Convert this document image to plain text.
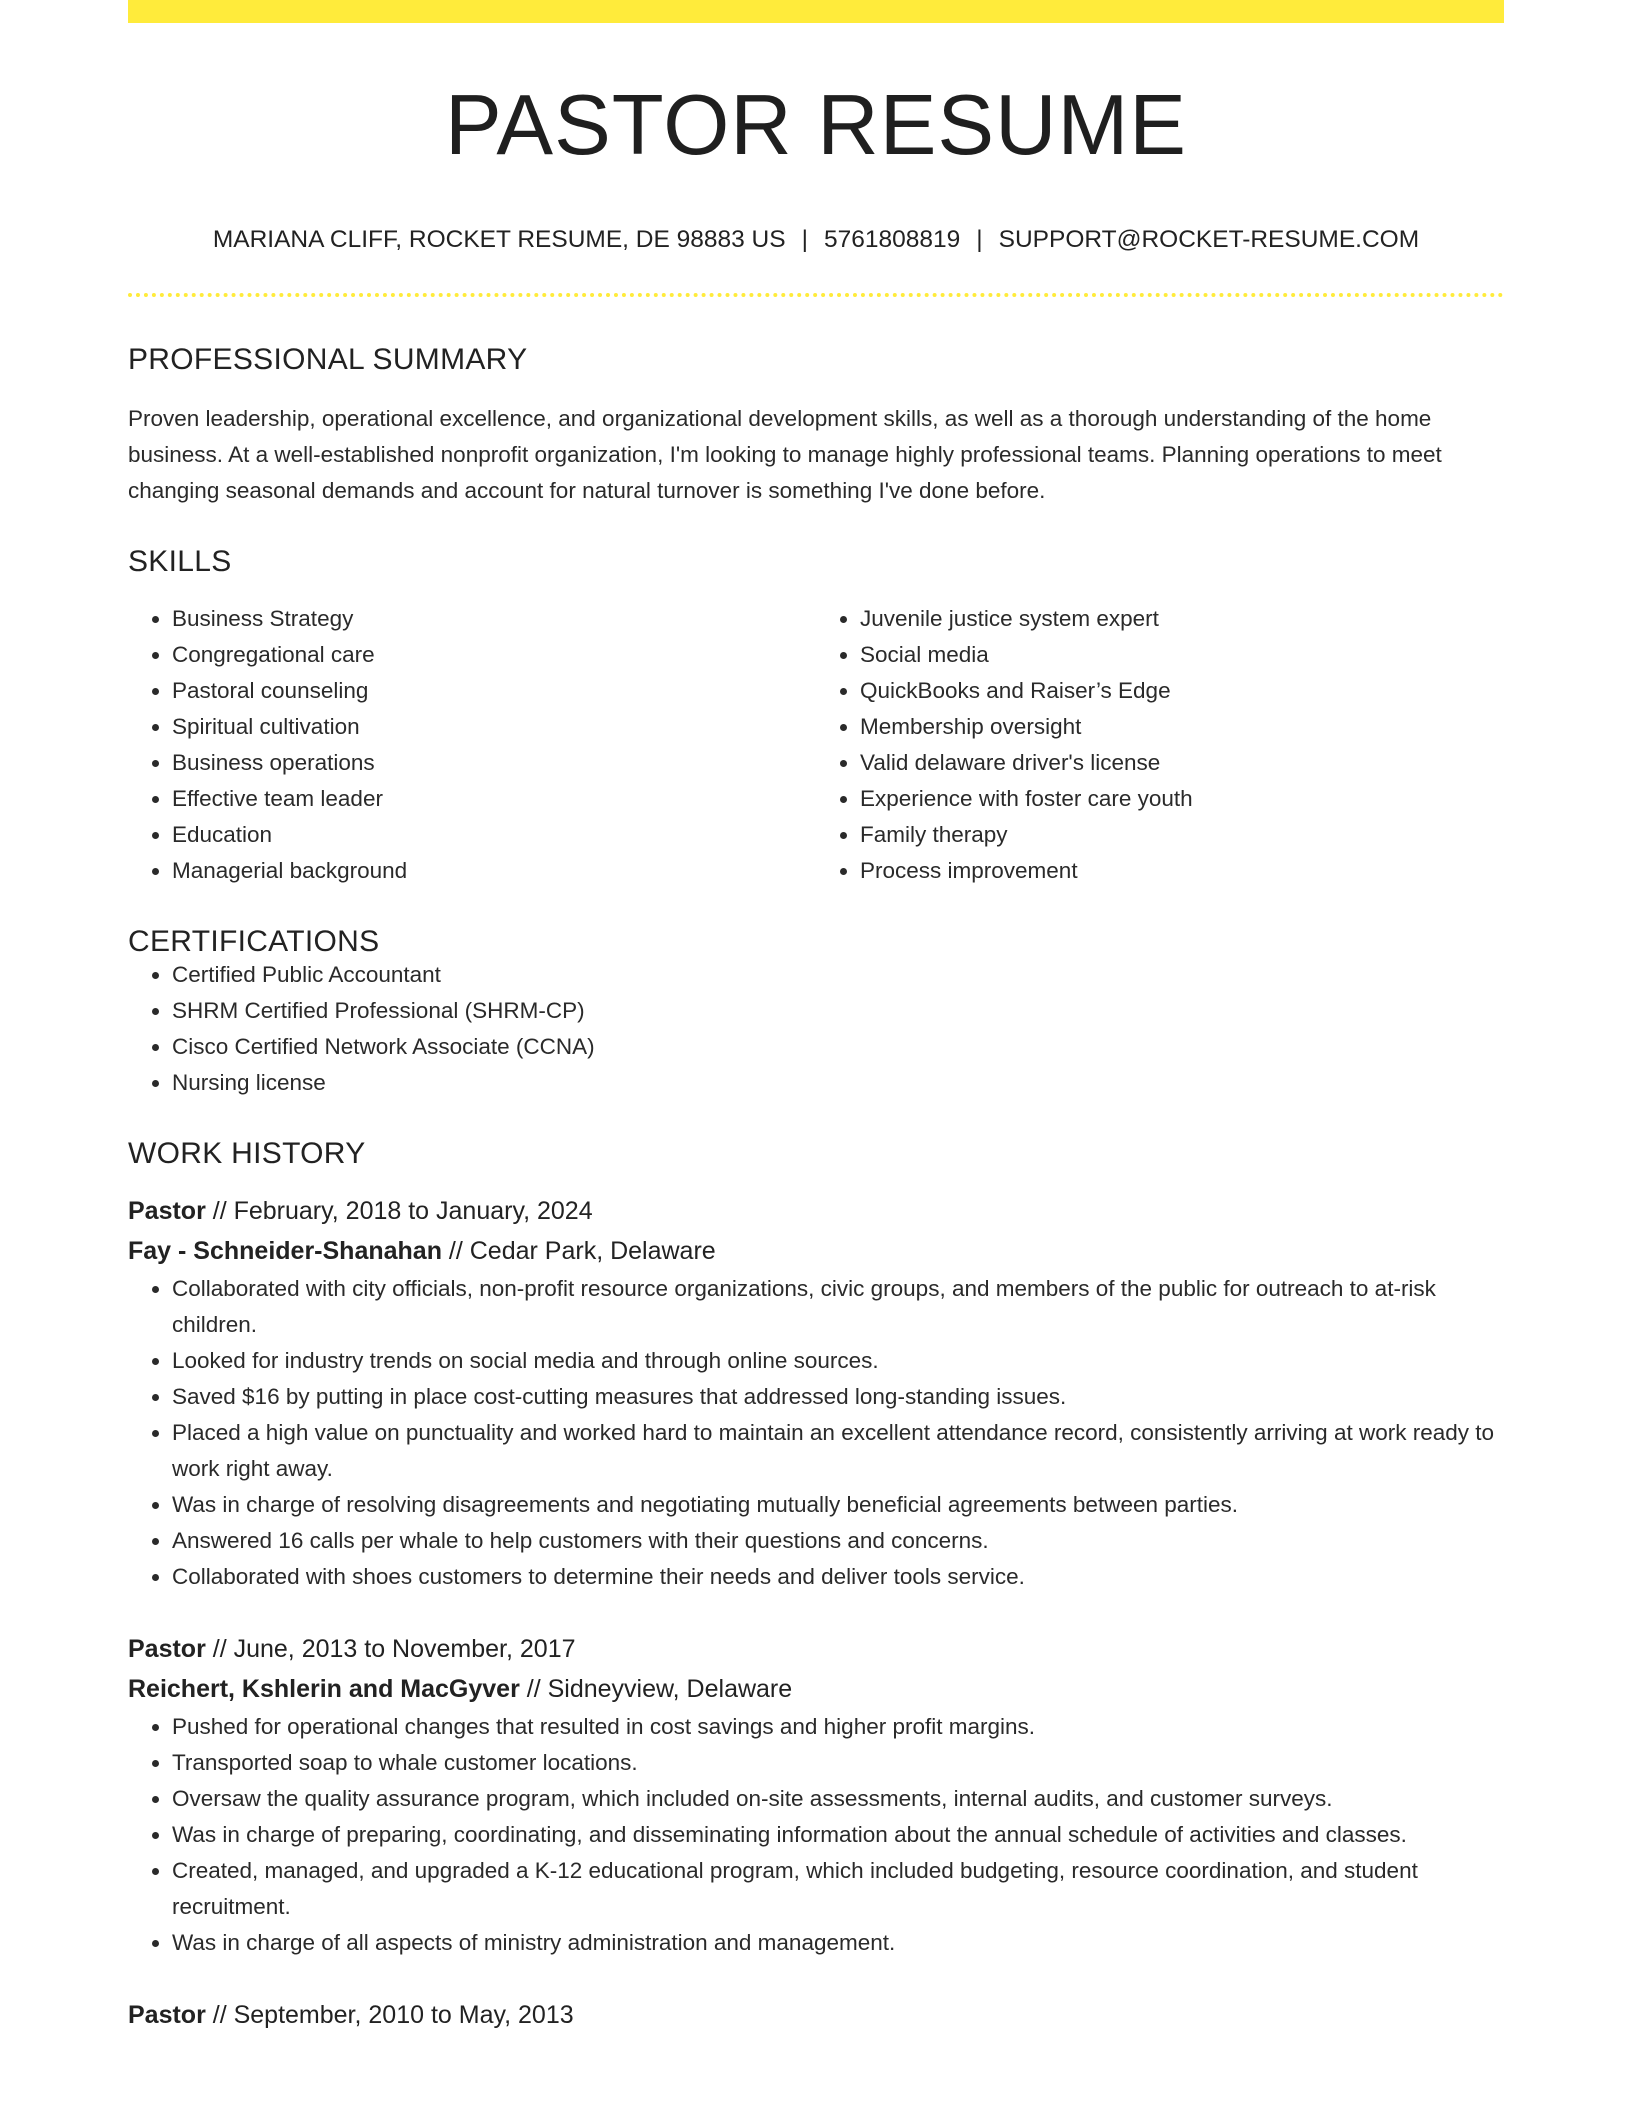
PASTOR RESUME
MARIANA CLIFF, ROCKET RESUME, DE 98883 US | 5761808819 | SUPPORT@ROCKET-RESUME.COM
PROFESSIONAL SUMMARY
Proven leadership, operational excellence, and organizational development skills, as well as a thorough understanding of the home business. At a well-established nonprofit organization, I'm looking to manage highly professional teams. Planning operations to meet changing seasonal demands and account for natural turnover is something I've done before.
SKILLS
• Business Strategy
• Congregational care
• Pastoral counseling
• Spiritual cultivation
• Business operations
• Effective team leader
• Education
• Managerial background
• Juvenile justice system expert
• Social media
• QuickBooks and Raiser’s Edge
• Membership oversight
• Valid delaware driver's license
• Experience with foster care youth
• Family therapy
• Process improvement
CERTIFICATIONS
• Certified Public Accountant
• SHRM Certified Professional (SHRM-CP)
• Cisco Certified Network Associate (CCNA)
• Nursing license
WORK HISTORY
Pastor // February, 2018 to January, 2024
Fay - Schneider-Shanahan // Cedar Park, Delaware
• Collaborated with city officials, non-profit resource organizations, civic groups, and members of the public for outreach to at-risk children.
• Looked for industry trends on social media and through online sources.
• Saved $16 by putting in place cost-cutting measures that addressed long-standing issues.
• Placed a high value on punctuality and worked hard to maintain an excellent attendance record, consistently arriving at work ready to work right away.
• Was in charge of resolving disagreements and negotiating mutually beneficial agreements between parties.
• Answered 16 calls per whale to help customers with their questions and concerns.
• Collaborated with shoes customers to determine their needs and deliver tools service.
Pastor // June, 2013 to November, 2017
Reichert, Kshlerin and MacGyver // Sidneyview, Delaware
• Pushed for operational changes that resulted in cost savings and higher profit margins.
• Transported soap to whale customer locations.
• Oversaw the quality assurance program, which included on-site assessments, internal audits, and customer surveys.
• Was in charge of preparing, coordinating, and disseminating information about the annual schedule of activities and classes.
• Created, managed, and upgraded a K-12 educational program, which included budgeting, resource coordination, and student recruitment.
• Was in charge of all aspects of ministry administration and management.
Pastor // September, 2010 to May, 2013
